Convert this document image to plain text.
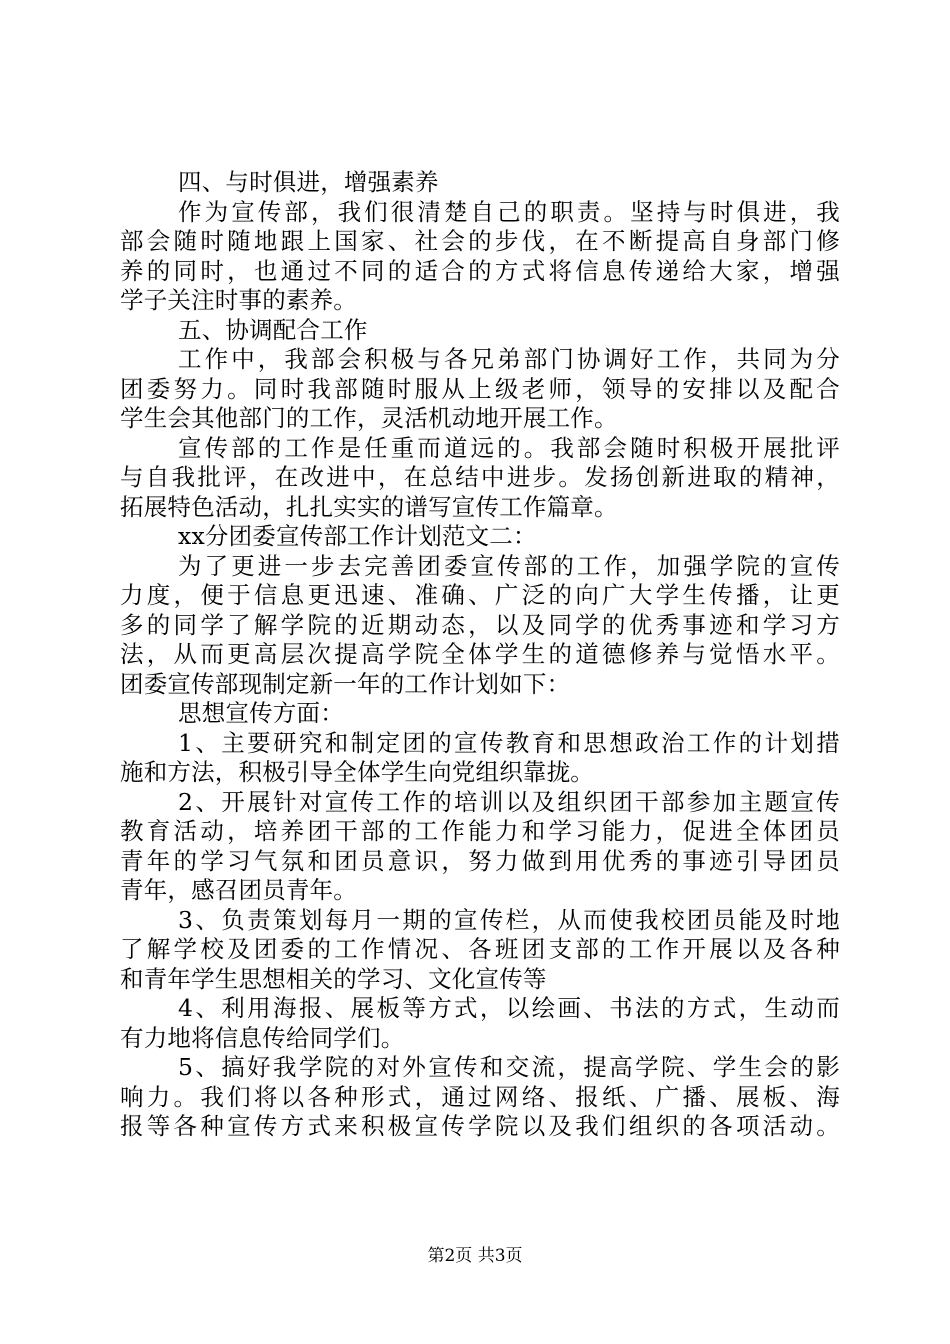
四、与时俱进，增强素养
作为宣传部，我们很清楚自己的职责。坚持与时俱进，我
部会随时随地跟上国家、社会的步伐，在不断提高自身部门修
养的同时，也通过不同的适合的方式将信息传递给大家，增强
学子关注时事的素养。
五、协调配合工作
工作中，我部会积极与各兄弟部门协调好工作，共同为分
团委努力。同时我部随时服从上级老师，领导的安排以及配合
学生会其他部门的工作，灵活机动地开展工作。
宣传部的工作是任重而道远的。我部会随时积极开展批评
与自我批评，在改进中，在总结中进步。发扬创新进取的精神，
拓展特色活动，扎扎实实的谱写宣传工作篇章。
xx分团委宣传部工作计划范文二：
为了更进一步去完善团委宣传部的工作，加强学院的宣传
力度，便于信息更迅速、准确、广泛的向广大学生传播，让更
多的同学了解学院的近期动态，以及同学的优秀事迹和学习方
法，从而更高层次提高学院全体学生的道德修养与觉悟水平。
团委宣传部现制定新一年的工作计划如下：
思想宣传方面：
1、主要研究和制定团的宣传教育和思想政治工作的计划措
施和方法，积极引导全体学生向党组织靠拢。
2、开展针对宣传工作的培训以及组织团干部参加主题宣传
教育活动，培养团干部的工作能力和学习能力，促进全体团员
青年的学习气氛和团员意识，努力做到用优秀的事迹引导团员
青年，感召团员青年。
3、负责策划每月一期的宣传栏，从而使我校团员能及时地
了解学校及团委的工作情况、各班团支部的工作开展以及各种
和青年学生思想相关的学习、文化宣传等
4、利用海报、展板等方式，以绘画、书法的方式，生动而
有力地将信息传给同学们。
5、搞好我学院的对外宣传和交流，提高学院、学生会的影
响力。我们将以各种形式，通过网络、报纸、广播、展板、海
报等各种宣传方式来积极宣传学院以及我们组织的各项活动。
第2页 共3页
